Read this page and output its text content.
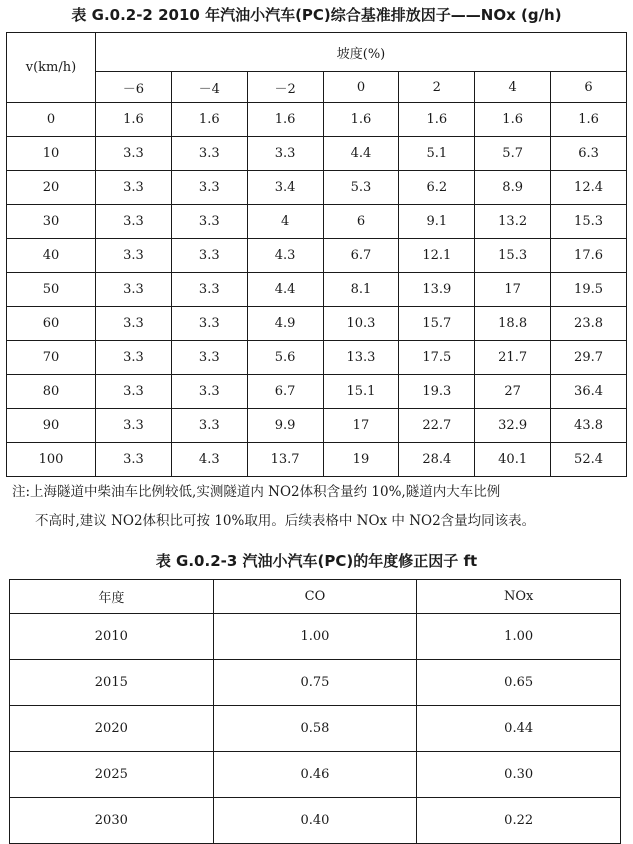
表 G.0.2-2 2010 年汽油小汽车(PC)综合基准排放因子——NOx (g/h)
v(km/h)	坡度(%)						
	－6	－4	－2	0	2	4	6
0	1.6	1.6	1.6	1.6	1.6	1.6	1.6
10	3.3	3.3	3.3	4.4	5.1	5.7	6.3
20	3.3	3.3	3.4	5.3	6.2	8.9	12.4
30	3.3	3.3	4	6	9.1	13.2	15.3
40	3.3	3.3	4.3	6.7	12.1	15.3	17.6
50	3.3	3.3	4.4	8.1	13.9	17	19.5
60	3.3	3.3	4.9	10.3	15.7	18.8	23.8
70	3.3	3.3	5.6	13.3	17.5	21.7	29.7
80	3.3	3.3	6.7	15.1	19.3	27	36.4
90	3.3	3.3	9.9	17	22.7	32.9	43.8
100	3.3	4.3	13.7	19	28.4	40.1	52.4
注:上海隧道中柴油车比例较低,实测隧道内 NO2体积含量约 10%,隧道内大车比例
不高时,建议 NO2体积比可按 10%取用。后续表格中 NOx 中 NO2含量均同该表。
表 G.0.2-3 汽油小汽车(PC)的年度修正因子 ft
年度	CO	NOx
2010	1.00	1.00
2015	0.75	0.65
2020	0.58	0.44
2025	0.46	0.30
2030	0.40	0.22
